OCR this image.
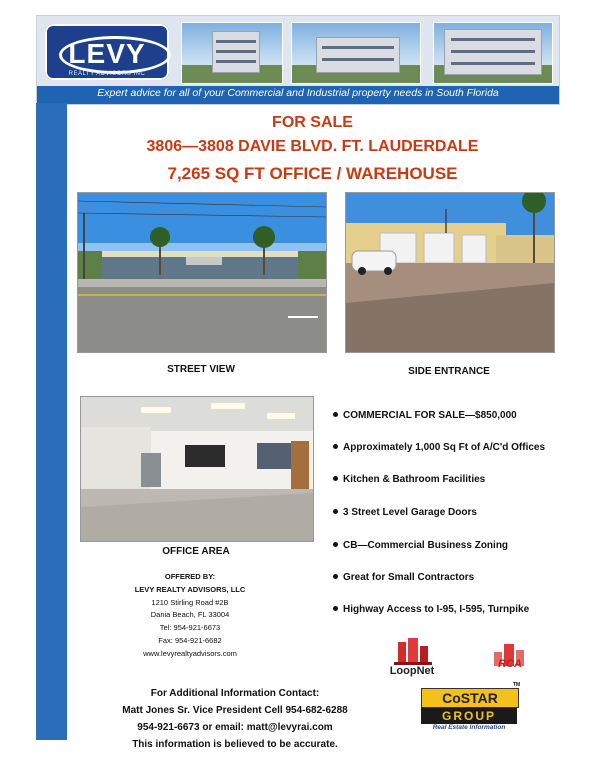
LEVY
REALTY ADVISORS INC
Expert advice for all of your Commercial and Industrial property needs in South Florida
FOR SALE
3806—3808 DAVIE BLVD. FT. LAUDERDALE
7,265 SQ FT OFFICE / WAREHOUSE
STREET VIEW	SIDE ENTRANCE
OFFICE AREA
COMMERCIAL FOR SALE—$850,000
Approximately 1,000 Sq Ft of A/C'd Offices
Kitchen & Bathroom Facilities
3 Street Level Garage Doors
CB—Commercial Business Zoning
Great for Small Contractors
Highway Access to I-95, I-595, Turnpike
OFFERED BY:
LEVY REALTY ADVISORS, LLC
1210 Stirling Road #2B
Dania Beach, FL 33004
Tel: 954-921-6673
Fax: 954-921-6682
www.levyrealtyadvisors.com
For Additional Information Contact:
Matt Jones Sr. Vice President Cell 954-682-6288
954-921-6673 or email: matt@levyrai.com
This information is believed to be accurate.
LoopNet
RCA
CoSTAR
GROUP
Real Estate Information
TM
